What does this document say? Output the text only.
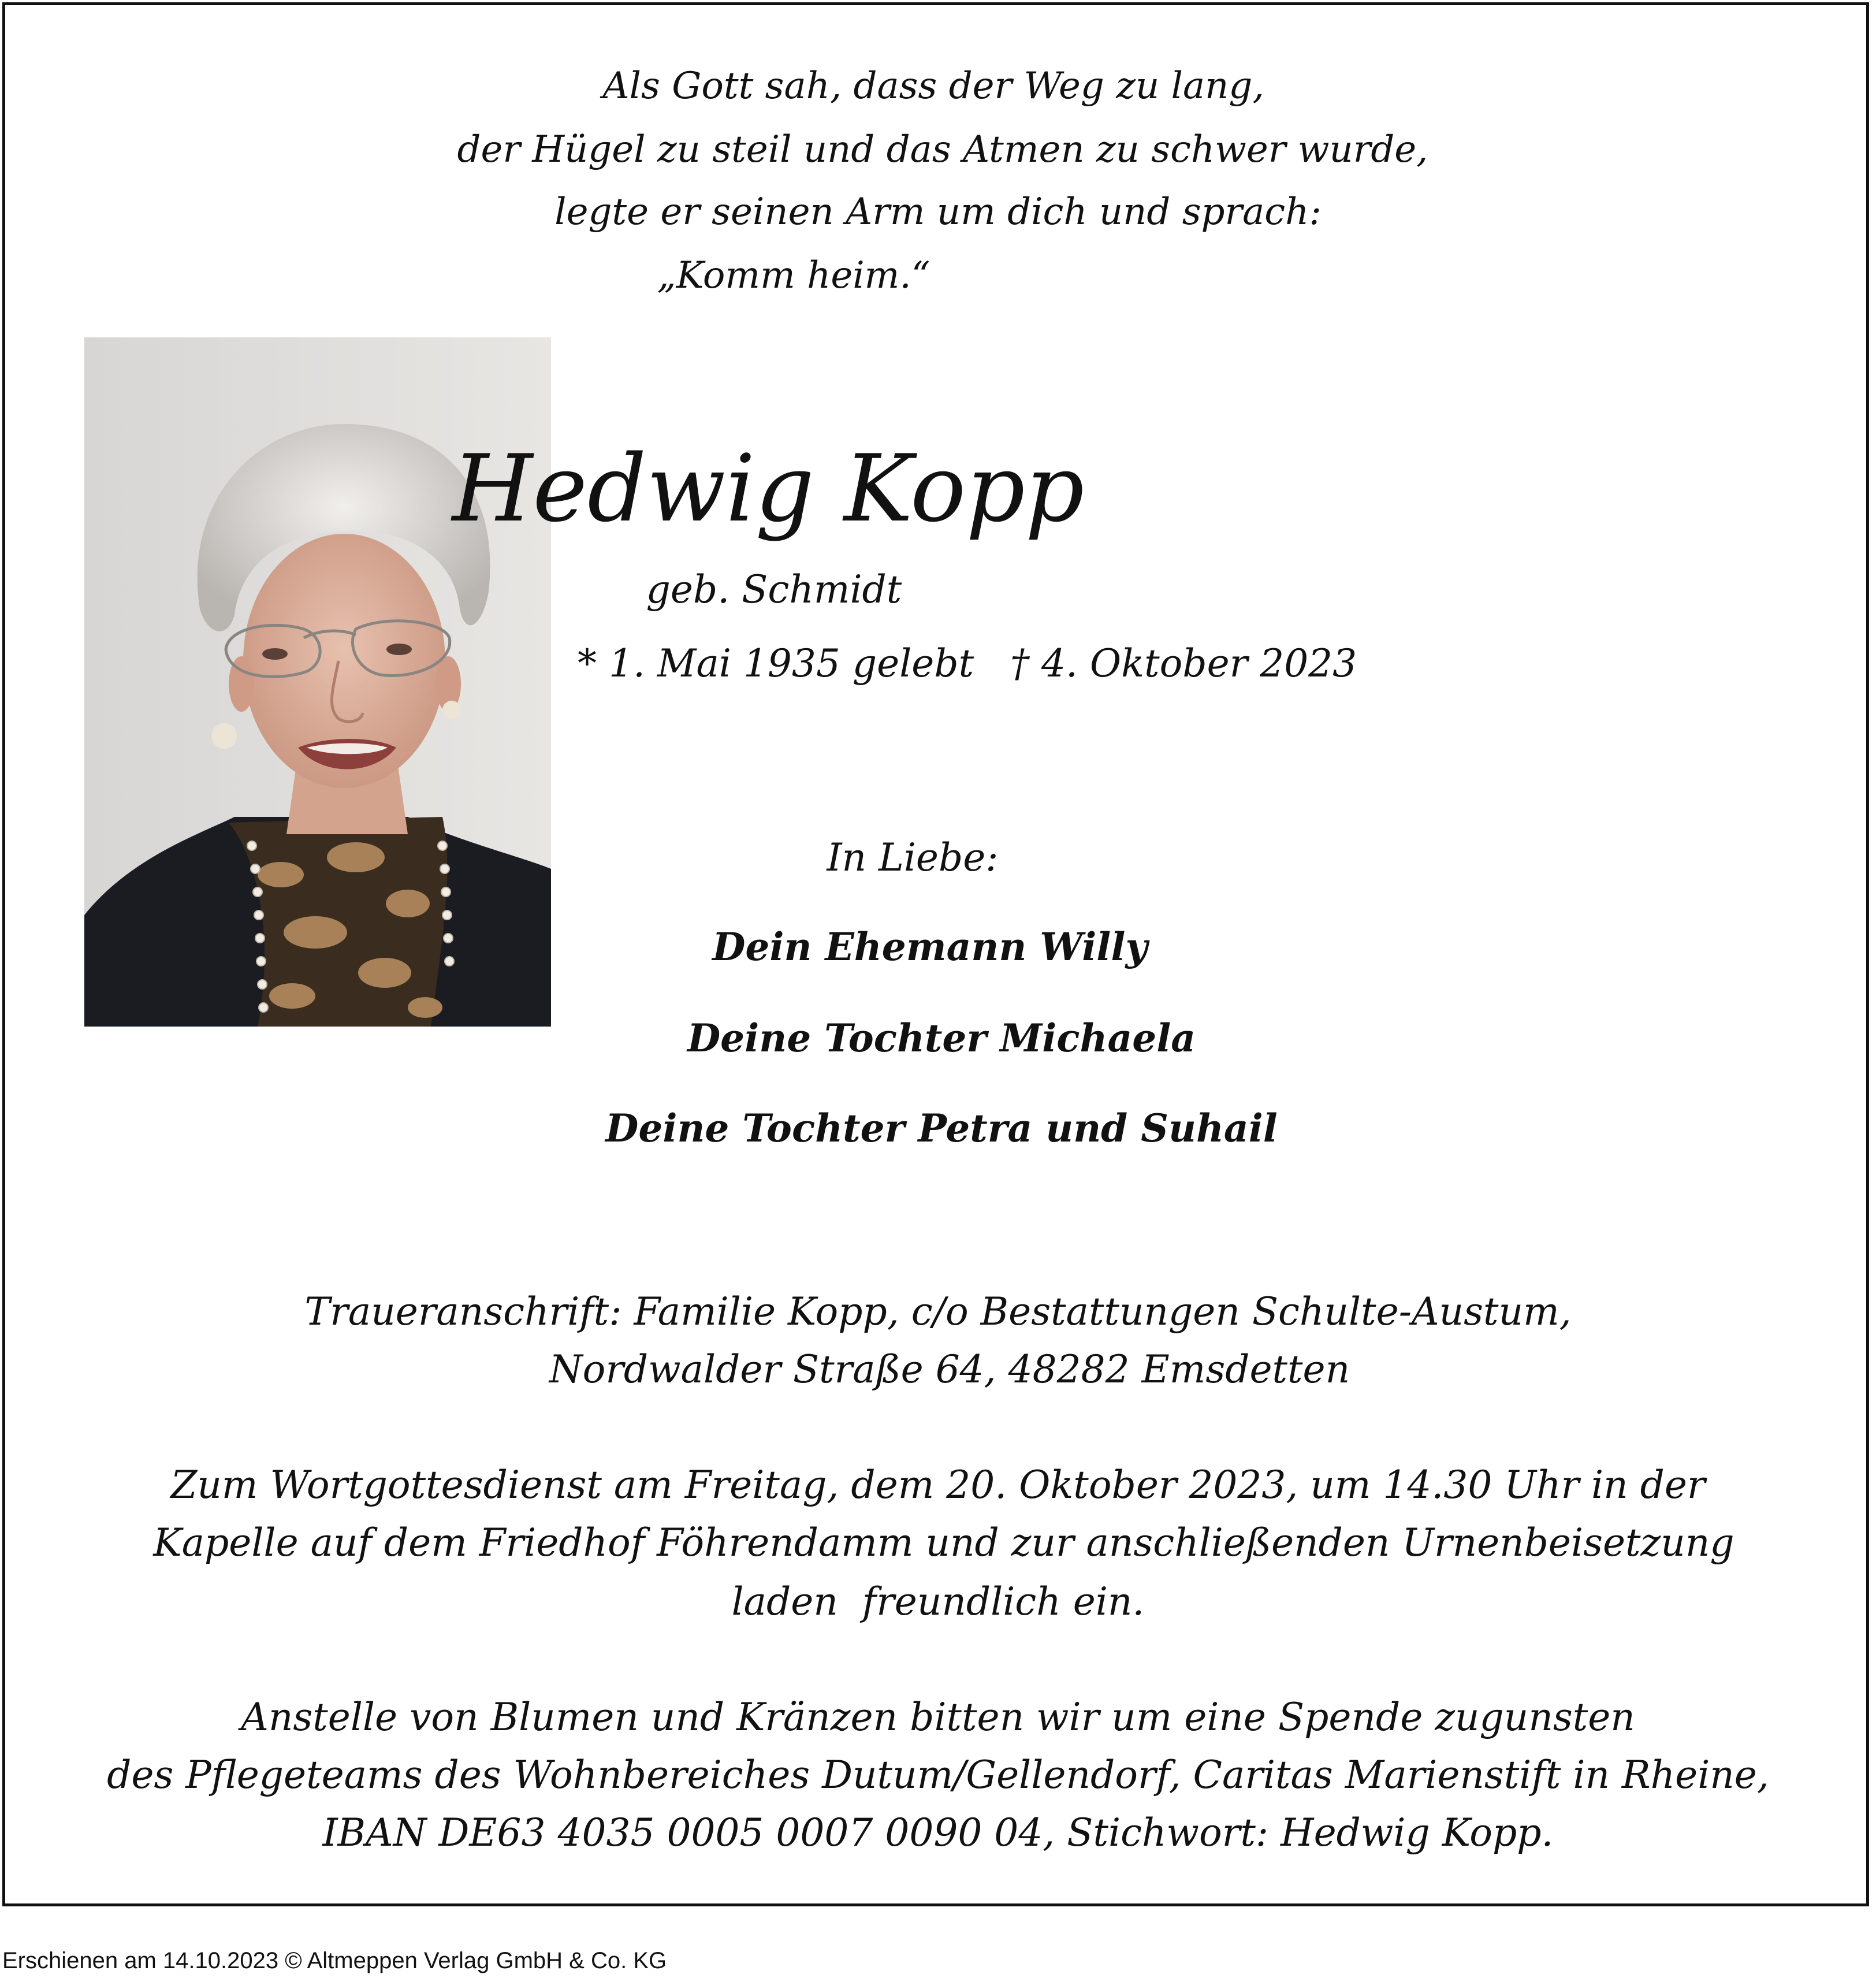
Als Gott sah, dass der Weg zu lang,
der Hügel zu steil und das Atmen zu schwer wurde,
legte er seinen Arm um dich und sprach:
„Komm heim.“
Hedwig Kopp
geb. Schmidt
* 1. Mai 1935 gelebt   † 4. Oktober 2023
In Liebe:
Dein Ehemann Willy
Deine Tochter Michaela
Deine Tochter Petra und Suhail
Traueranschrift: Familie Kopp, c/o Bestattungen Schulte-Austum,
Nordwalder Straße 64, 48282 Emsdetten
Zum Wortgottesdienst am Freitag, dem 20. Oktober 2023, um 14.30 Uhr in der
Kapelle auf dem Friedhof Föhrendamm und zur anschließenden Urnenbeisetzung
laden  freundlich ein.
Anstelle von Blumen und Kränzen bitten wir um eine Spende zugunsten
des Pflegeteams des Wohnbereiches Dutum/Gellendorf, Caritas Marienstift in Rheine,
IBAN DE63 4035 0005 0007 0090 04, Stichwort: Hedwig Kopp.
Erschienen am 14.10.2023 © Altmeppen Verlag GmbH & Co. KG
